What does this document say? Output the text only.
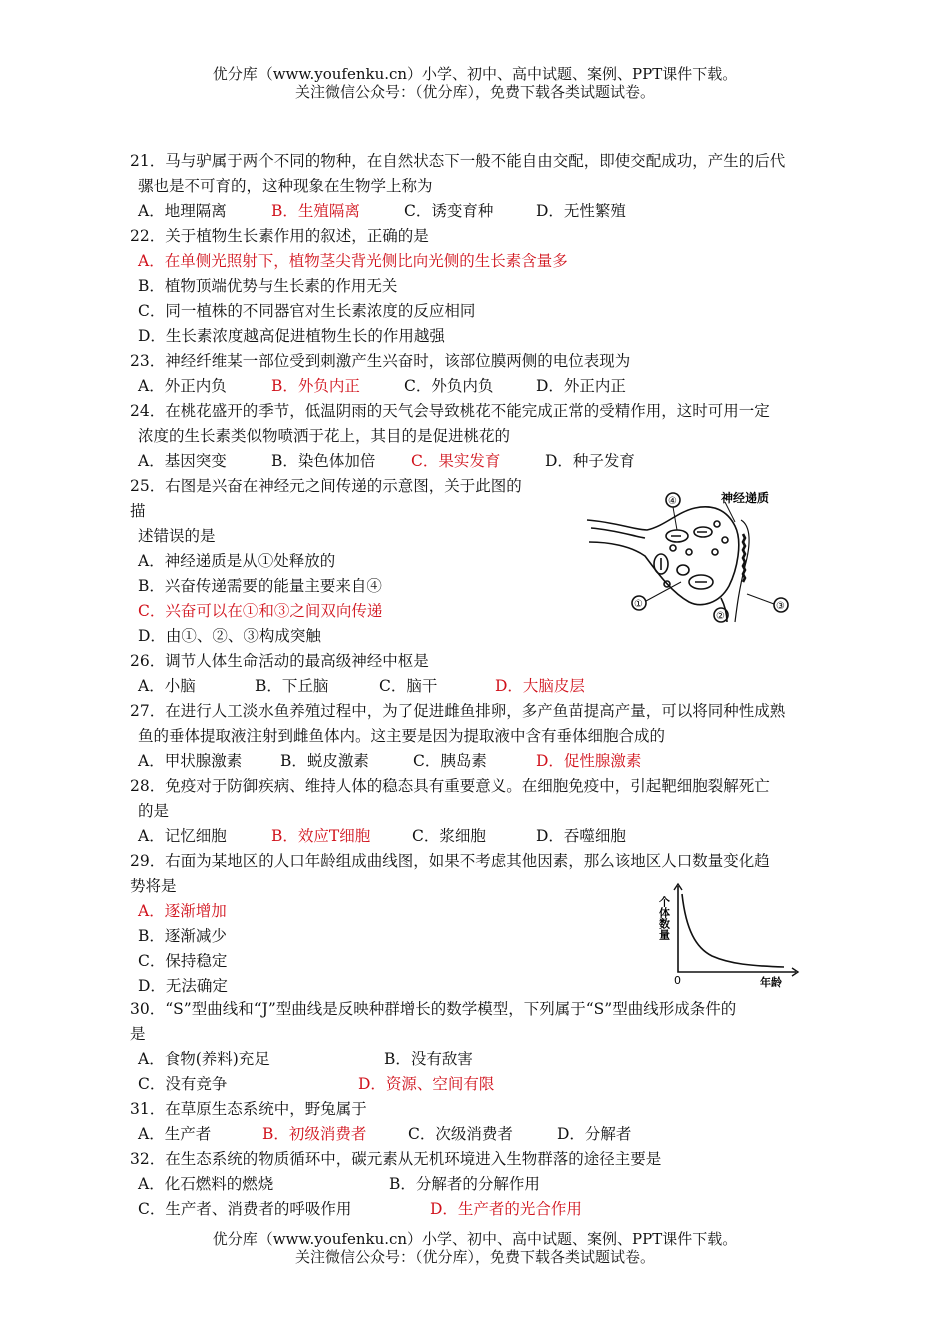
优分库（www.youfenku.cn）小学、初中、高中试题、案例、PPT课件下载。
关注微信公众号：（优分库），免费下载各类试题试卷。
21．马与驴属于两个不同的物种，在自然状态下一般不能自由交配，即使交配成功，产生的后代
骡也是不可育的，这种现象在生物学上称为
A．地理隔离	B．生殖隔离	C．诱变育种	D．无性繁殖
22．关于植物生长素作用的叙述，正确的是
A．在单侧光照射下，植物茎尖背光侧比向光侧的生长素含量多
B．植物顶端优势与生长素的作用无关
C．同一植株的不同器官对生长素浓度的反应相同
D．生长素浓度越高促进植物生长的作用越强
23．神经纤维某一部位受到刺激产生兴奋时，该部位膜两侧的电位表现为
A．外正内负	B．外负内正	C．外负内负	D．外正内正
24．在桃花盛开的季节，低温阴雨的天气会导致桃花不能完成正常的受精作用，这时可用一定
浓度的生长素类似物喷洒于花上，其目的是促进桃花的
A．基因突变	B．染色体加倍 C．果实发育	D．种子发育
25．右图是兴奋在神经元之间传递的示意图，关于此图的
描
述错误的是
A．神经递质是从①处释放的
B．兴奋传递需要的能量主要来自④
C．兴奋可以在①和③之间双向传递
D．由①、②、③构成突触
神经递质
④
①
②
③
26．调节人体生命活动的最高级神经中枢是
A．小脑	B．下丘脑	C．脑干	D．大脑皮层
27．在进行人工淡水鱼养殖过程中，为了促进雌鱼排卵，多产鱼苗提高产量，可以将同种性成熟
鱼的垂体提取液注射到雌鱼体内。这主要是因为提取液中含有垂体细胞合成的
A．甲状腺激素 B．蜕皮激素	C．胰岛素	D．促性腺激素
28．免疫对于防御疾病、维持人体的稳态具有重要意义。在细胞免疫中，引起靶细胞裂解死亡
的是
A．记忆细胞	B．效应T细胞	C．浆细胞	D．吞噬细胞
29．右面为某地区的人口年龄组成曲线图，如果不考虑其他因素，那么该地区人口数量变化趋
势将是
A．逐渐增加
B．逐渐减少
C．保持稳定
D．无法确定
个体数量
0	年龄
30．“S”型曲线和“J”型曲线是反映种群增长的数学模型，下列属于“S”型曲线形成条件的
是
A．食物(养料)充足	B．没有敌害
C．没有竞争	D．资源、空间有限
31．在草原生态系统中，野兔属于
A．生产者	B．初级消费者	C．次级消费者	D．分解者
32．在生态系统的物质循环中，碳元素从无机环境进入生物群落的途径主要是
A．化石燃料的燃烧	B．分解者的分解作用
C．生产者、消费者的呼吸作用	D．生产者的光合作用
优分库（www.youfenku.cn）小学、初中、高中试题、案例、PPT课件下载。
关注微信公众号：（优分库），免费下载各类试题试卷。
